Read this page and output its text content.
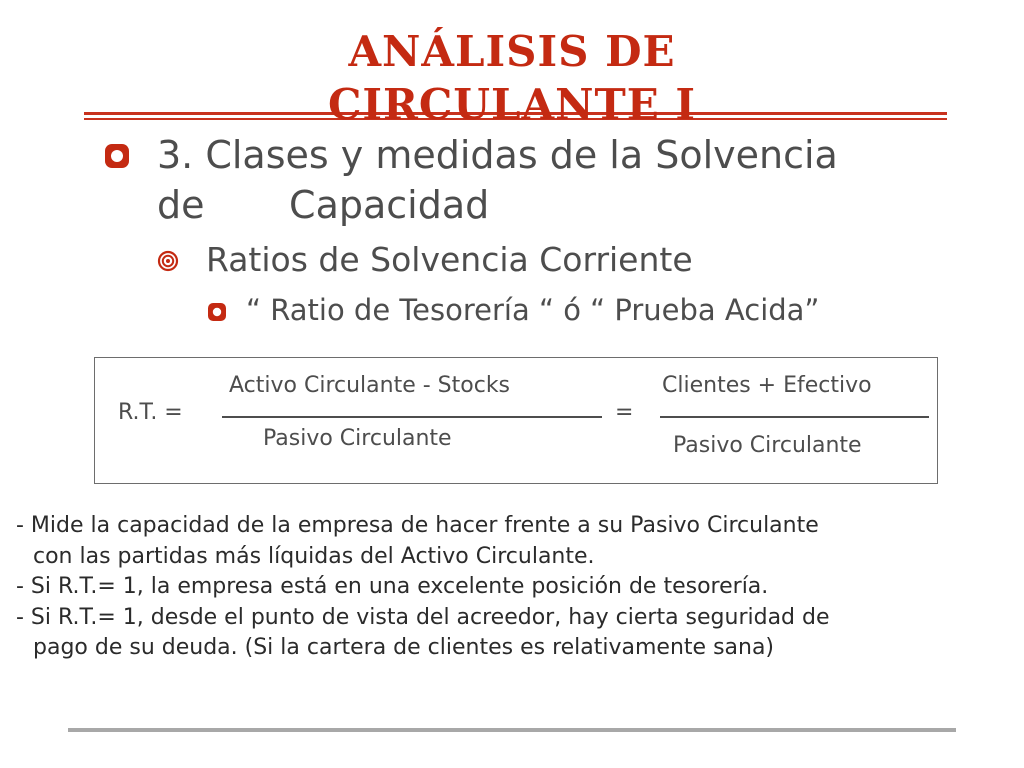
ANÁLISIS DE
CIRCULANTE I
3. Clases y medidas de la Solvencia
de       Capacidad
Ratios de Solvencia Corriente
“ Ratio de Tesorería “ ó “ Prueba Acida”
R.T. =
Activo Circulante - Stocks
Pasivo Circulante
=
Clientes + Efectivo
Pasivo Circulante
- Mide la capacidad de la empresa de hacer frente a su Pasivo Circulante
con las partidas más líquidas del Activo Circulante.
- Si R.T.= 1, la empresa está en una excelente posición de tesorería.
- Si R.T.= 1, desde el punto de vista del acreedor, hay cierta seguridad de
pago de su deuda. (Si la cartera de clientes es relativamente sana)
